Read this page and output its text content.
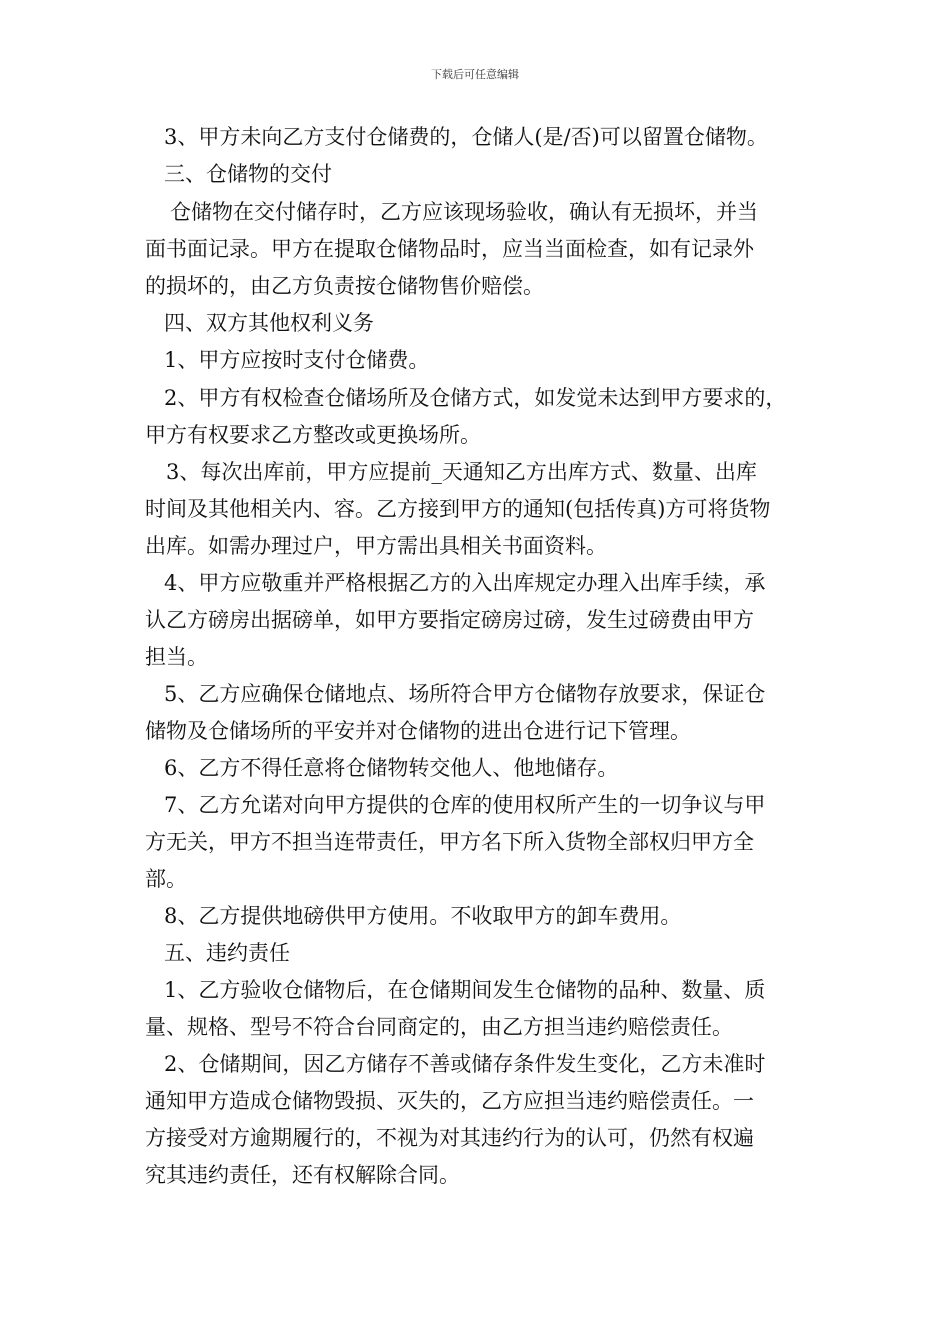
下载后可任意编辑
3、甲方未向乙方支付仓储费的，仓储人(是/否)可以留置仓储物。
三、仓储物的交付
仓储物在交付储存时，乙方应该现场验收，确认有无损坏，并当
面书面记录。甲方在提取仓储物品时，应当当面检查，如有记录外
的损坏的，由乙方负责按仓储物售价赔偿。
四、双方其他权利义务
1、甲方应按时支付仓储费。
2、甲方有权检查仓储场所及仓储方式，如发觉未达到甲方要求的，
甲方有权要求乙方整改或更换场所。
3、每次出库前，甲方应提前_天通知乙方出库方式、数量、出库
时间及其他相关内、容。乙方接到甲方的通知(包括传真)方可将货物
出库。如需办理过户，甲方需出具相关书面资料。
4、甲方应敬重并严格根据乙方的入出库规定办理入出库手续，承
认乙方磅房出据磅单，如甲方要指定磅房过磅，发生过磅费由甲方
担当。
5、乙方应确保仓储地点、场所符合甲方仓储物存放要求，保证仓
储物及仓储场所的平安并对仓储物的进出仓进行记下管理。
6、乙方不得任意将仓储物转交他人、他地储存。
7、乙方允诺对向甲方提供的仓库的使用权所产生的一切争议与甲
方无关，甲方不担当连带责任，甲方名下所入货物全部权归甲方全
部。
8、乙方提供地磅供甲方使用。不收取甲方的卸车费用。
五、违约责任
1、乙方验收仓储物后，在仓储期间发生仓储物的品种、数量、质
量、规格、型号不符合台同商定的，由乙方担当违约赔偿责任。
2、仓储期间，因乙方储存不善或储存条件发生变化，乙方未准时
通知甲方造成仓储物毁损、灭失的，乙方应担当违约赔偿责任。一
方接受对方逾期履行的，不视为对其违约行为的认可，仍然有权遍
究其违约责任，还有权解除合同。
